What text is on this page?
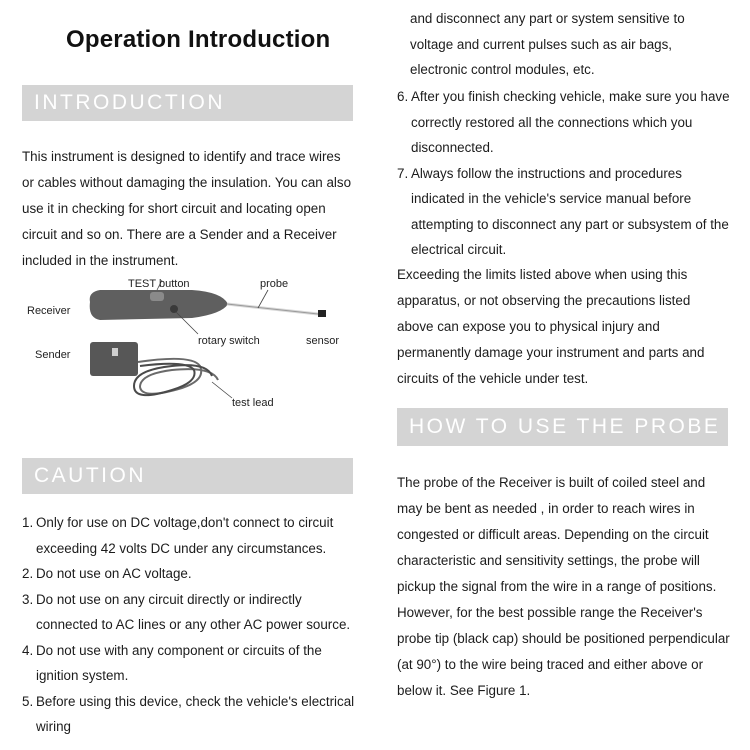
Operation Introduction
INTRODUCTION

This instrument is designed to identify and trace wires or cables without damaging the insulation. You can also use it in checking for short circuit and locating open circuit and so on. There are a Sender and a Receiver included in the instrument.

TEST button	probe
Receiver
rotary switch	sensor
Sender
test lead
CAUTION
1. Only for use on DC voltage,don't connect to circuit exceeding 42 volts DC under any circumstances.
2. Do not use on AC voltage.
3. Do not use on any circuit directly or indirectly connected to AC lines or any other AC power source.
4. Do not use with any component or circuits of the ignition system.
5. Before using this device, check the vehicle's electrical wiring

and disconnect any part or system sensitive to voltage and current pulses such as air bags, electronic control modules, etc.

6. After you finish checking vehicle, make sure you have correctly restored all the connections which you disconnected.
7. Always follow the instructions and procedures indicated in the vehicle's service manual before attempting to disconnect any part or subsystem of the electrical circuit.

Exceeding the limits listed above when using this apparatus, or not observing the precautions listed above can expose you to physical injury and permanently damage your instrument and parts and circuits of the vehicle under test.

HOW TO USE THE PROBE

The probe of the Receiver is built of coiled steel and may be bent as needed , in order to reach wires in congested or difficult areas. Depending on the circuit characteristic and sensitivity settings, the probe will pickup the signal from the wire in a range of positions. However, for the best possible range the Receiver's probe tip (black cap) should be positioned perpendicular (at 90°) to the wire being traced and either above or below it. See Figure 1.
